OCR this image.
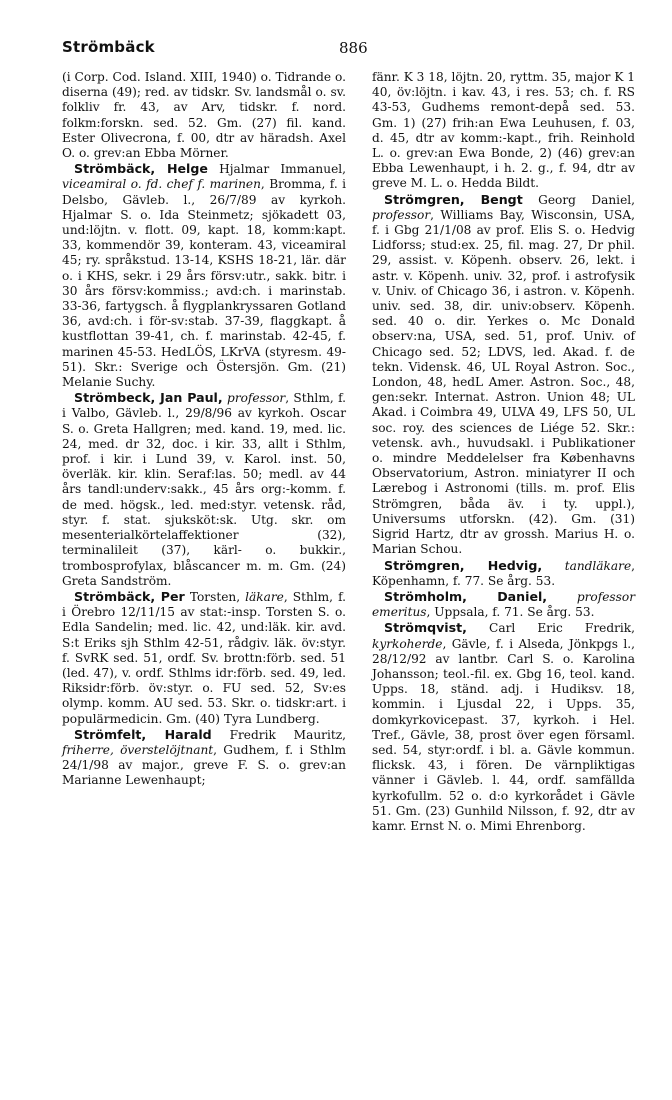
Strömbäck	886

(i Corp. Cod. Island. XIII, 1940) o. Tidrande o. diserna (49); red. av tidskr. Sv. landsmål o. sv. folkliv fr. 43, av Arv, tidskr. f. nord. folkm:forskn. sed. 52. Gm. (27) fil. kand. Ester Olivecrona, f. 00, dtr av häradsh. Axel O. o. grev:an Ebba Mörner.

Strömbäck, Helge Hjalmar Immanuel, viceamiral o. fd. chef f. marinen, Bromma, f. i Delsbo, Gävleb. l., 26/7/89 av kyrkoh. Hjalmar S. o. Ida Steinmetz; sjökadett 03, und:löjtn. v. flott. 09, kapt. 18, komm:kapt. 33, kommendör 39, konteram. 43, viceamiral 45; ry. språkstud. 13-14, KSHS 18-21, lär. där o. i KHS, sekr. i 29 års försv:utr., sakk. bitr. i 30 års försv:kommiss.; avd:ch. i marinstab. 33-36, fartygsch. å flygplankryssaren Gotland 36, avd:ch. i för-sv:stab. 37-39, flaggkapt. å kustflottan 39-41, ch. f. marinstab. 42-45, f. marinen 45-53. HedLÖS, LKrVA (styresm. 49-51). Skr.: Sverige och Östersjön. Gm. (21) Melanie Suchy.

Strömbeck, Jan Paul, professor, Sthlm, f. i Valbo, Gävleb. l., 29/8/96 av kyrkoh. Oscar S. o. Greta Hallgren; med. kand. 19, med. lic. 24, med. dr 32, doc. i kir. 33, allt i Sthlm, prof. i kir. i Lund 39, v. Karol. inst. 50, överläk. kir. klin. Seraf:las. 50; medl. av 44 års tandl:underv:sakk., 45 års org:-komm. f. de med. högsk., led. med:styr. vetensk. råd, styr. f. stat. sjuksköt:sk. Utg. skr. om mesenterialkörtelaffektioner (32), terminalileit (37), kärl- o. bukkir., trombosprofylax, blåscancer m. m. Gm. (24) Greta Sandström.

Strömbäck, Per Torsten, läkare, Sthlm, f. i Örebro 12/11/15 av stat:-insp. Torsten S. o. Edla Sandelin; med. lic. 42, und:läk. kir. avd. S:t Eriks sjh Sthlm 42-51, rådgiv. läk. öv:styr. f. SvRK sed. 51, ordf. Sv. brottn:förb. sed. 51 (led. 47), v. ordf. Sthlms idr:förb. sed. 49, led. Riksidr:förb. öv:styr. o. FU sed. 52, Sv:es olymp. komm. AU sed. 53. Skr. o. tidskr:art. i populärmedicin. Gm. (40) Tyra Lundberg.

Strömfelt, Harald Fredrik Mauritz, friherre, överstelöjtnant, Gudhem, f. i Sthlm 24/1/98 av major., greve F. S. o. grev:an Marianne Lewenhaupt;

fänr. K 3 18, löjtn. 20, ryttm. 35, major K 1 40, öv:löjtn. i kav. 43, i res. 53; ch. f. RS 43-53, Gudhems remont-depå sed. 53. Gm. 1) (27) frih:an Ewa Leuhusen, f. 03, d. 45, dtr av komm:-kapt., frih. Reinhold L. o. grev:an Ewa Bonde, 2) (46) grev:an Ebba Lewenhaupt, i h. 2. g., f. 94, dtr av greve M. L. o. Hedda Bildt.

Strömgren, Bengt Georg Daniel, professor, Williams Bay, Wisconsin, USA, f. i Gbg 21/1/08 av prof. Elis S. o. Hedvig Lidforss; stud:ex. 25, fil. mag. 27, Dr phil. 29, assist. v. Köpenh. observ. 26, lekt. i astr. v. Köpenh. univ. 32, prof. i astrofysik v. Univ. of Chicago 36, i astron. v. Köpenh. univ. sed. 38, dir. univ:observ. Köpenh. sed. 40 o. dir. Yerkes o. Mc Donald observ:na, USA, sed. 51, prof. Univ. of Chicago sed. 52; LDVS, led. Akad. f. de tekn. Vidensk. 46, UL Royal Astron. Soc., London, 48, hedL Amer. Astron. Soc., 48, gen:sekr. Internat. Astron. Union 48; UL Akad. i Coimbra 49, ULVA 49, LFS 50, UL soc. roy. des sciences de Liége 52. Skr.: vetensk. avh., huvudsakl. i Publikationer o. mindre Meddelelser fra Københavns Observatorium, Astron. miniatyrer II och Lærebog i Astronomi (tills. m. prof. Elis Strömgren, båda äv. i ty. uppl.), Universums utforskn. (42). Gm. (31) Sigrid Hartz, dtr av grossh. Marius H. o. Marian Schou.

Strömgren, Hedvig, tandläkare, Köpenhamn, f. 77. Se årg. 53.

Strömholm, Daniel, professor emeritus, Uppsala, f. 71. Se årg. 53.

Strömqvist, Carl Eric Fredrik, kyrkoherde, Gävle, f. i Alseda, Jönkpgs l., 28/12/92 av lantbr. Carl S. o. Karolina Johansson; teol.-fil. ex. Gbg 16, teol. kand. Upps. 18, ständ. adj. i Hudiksv. 18, kommin. i Ljusdal 22, i Upps. 35, domkyrkovicepast. 37, kyrkoh. i Hel. Tref., Gävle, 38, prost över egen församl. sed. 54, styr:ordf. i bl. a. Gävle kommun. flicksk. 43, i fören. De värnpliktigas vänner i Gävleb. l. 44, ordf. samfällda kyrkofullm. 52 o. d:o kyrkorådet i Gävle 51. Gm. (23) Gunhild Nilsson, f. 92, dtr av kamr. Ernst N. o. Mimi Ehrenborg.
